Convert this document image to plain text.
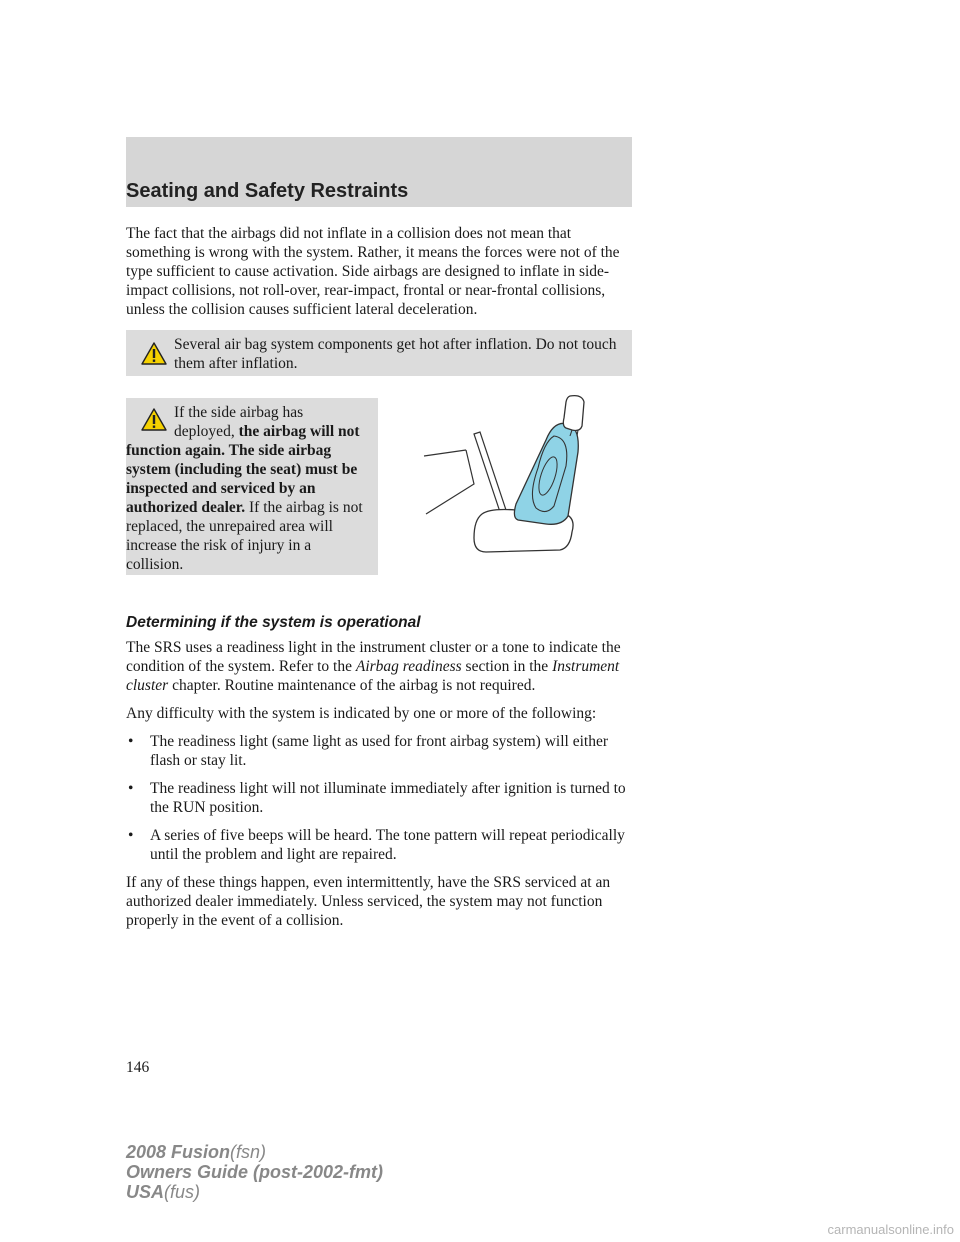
Seating and Safety Restraints

The fact that the airbags did not inflate in a collision does not mean that something is wrong with the system. Rather, it means the forces were not of the type sufficient to cause activation. Side airbags are designed to inflate in side-impact collisions, not roll-over, rear-impact, frontal or near-frontal collisions, unless the collision causes sufficient lateral deceleration.

Several air bag system components get hot after inflation. Do not touch them after inflation.
If the side airbag has deployed, the airbag will not function again. The side airbag system (including the seat) must be inspected and serviced by an authorized dealer. If the airbag is not replaced, the unrepaired area will increase the risk of injury in a collision.
Determining if the system is operational

The SRS uses a readiness light in the instrument cluster or a tone to indicate the condition of the system. Refer to the Airbag readiness section in the Instrument cluster chapter. Routine maintenance of the airbag is not required.

Any difficulty with the system is indicated by one or more of the following:

• The readiness light (same light as used for front airbag system) will either flash or stay lit.
• The readiness light will not illuminate immediately after ignition is turned to the RUN position.
• A series of five beeps will be heard. The tone pattern will repeat periodically until the problem and light are repaired.

If any of these things happen, even intermittently, have the SRS serviced at an authorized dealer immediately. Unless serviced, the system may not function properly in the event of a collision.

146
2008 Fusion(fsn)
Owners Guide (post-2002-fmt)
USA(fus)
carmanualsonline.info
